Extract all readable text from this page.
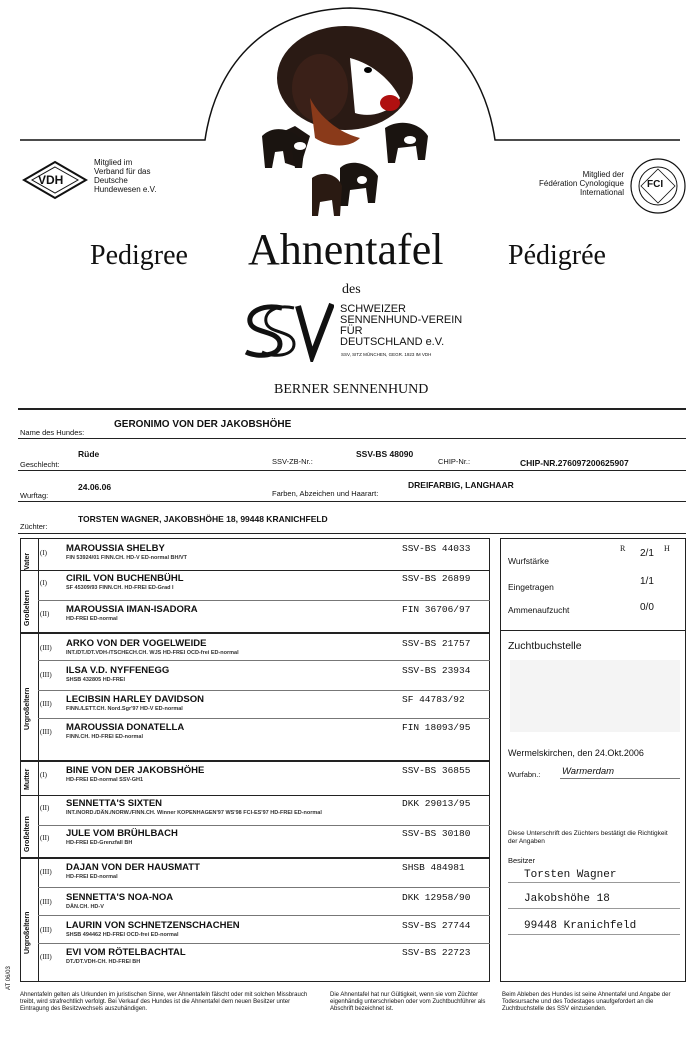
VDH
Mitglied im
Verband für das
Deutsche
Hundewesen e.V.
Mitglied der
Fédération Cynologique
International
FCI
Pedigree Ahnentafel Pédigrée
des
SCHWEIZER
SENNENHUND-VEREIN
FÜR
DEUTSCHLAND e.V.
SSV, SITZ MÜNCHEN, GEGR. 1923 IM VDH
BERNER SENNENHUND
Name des Hundes:
GERONIMO VON DER JAKOBSHÖHE
Geschlecht:
Rüde
SSV-ZB-Nr.:
SSV-BS 48090
CHIP-Nr.:	CHIP-NR.276097200625907
Wurftag:
24.06.06
Farben, Abzeichen und Haarart:
DREIFARBIG, LANGHAAR
Züchter:
TORSTEN WAGNER, JAKOBSHÖHE 18, 99448 KRANICHFELD
Vater
Großeltern
Urgroßeltern
Mutter
Großeltern
Urgroßeltern
(I) MAROUSSIA SHELBY
FIN 53924/01 FINN.CH. HD-V ED-normal BH/VT
SSV-BS 44033
(I) CIRIL VON BUCHENBÜHL
SF 45309/93 FINN.CH. HD-FREI ED-Grad I
SSV-BS 26899
(II) MAROUSSIA IMAN-ISADORA
HD-FREI ED-normal
FIN 36706/97
(III) ARKO VON DER VOGELWEIDE
INT./DT./DT.VDH-/TSCHECH.CH. WJS HD-FREI OCD-frei ED-normal
SSV-BS 21757
(III) ILSA V.D. NYFFENEGG
SHSB 432805 HD-FREI
SSV-BS 23934
(III) LECIBSIN HARLEY DAVIDSON
FINN./LETT.CH. Nord.Sgr'97 HD-V ED-normal
SF 44783/92
(III) MAROUSSIA DONATELLA
FINN.CH. HD-FREI ED-normal
FIN 18093/95
(I) BINE VON DER JAKOBSHÖHE
HD-FREI ED-normal SSV-GH1
SSV-BS 36855
(II) SENNETTA'S SIXTEN
INT./NORD./DÄN./NORW./FINN.CH. Winner KOPENHAGEN'97 WS'98 FCI-ES'97 HD-FREI ED-normal
DKK 29013/95
(II) JULE VOM BRÜHLBACH
HD-FREI ED-Grenzfall BH
SSV-BS 30180
(III) DAJAN VON DER HAUSMATT
HD-FREI ED-normal
SHSB 484981
(III) SENNETTA'S NOA-NOA
DÄN.CH. HD-V
DKK 12958/90
(III) LAURIN VON SCHNETZENSCHACHEN
SHSB 494462 HD-FREI OCD-frei ED-normal
SSV-BS 27744
(III) EVI VOM RÖTELBACHTAL
DT./DT.VDH-CH. HD-FREI BH
SSV-BS 22723
R	H
Wurfstärke
2/1
Eingetragen	1/1
Ammenaufzucht	0/0
Zuchtbuchstelle
Wermelskirchen, den 24.Okt.2006
Wurfabn.: Warmerdam
Diese Unterschrift des Züchters bestätigt die Richtigkeit der Angaben
Besitzer
Torsten Wagner
Jakobshöhe 18
99448 Kranichfeld
AT 06/03
Ahnentafeln gelten als Urkunden im juristischen Sinne, wer Ahnentafeln fälscht oder mit solchen Missbrauch treibt, wird strafrechtlich verfolgt. Bei Verkauf des Hundes ist die Ahnentafel dem neuen Besitzer unter Eintragung des Besitzwechsels auszuhändigen.
Die Ahnentafel hat nur Gültigkeit, wenn sie vom Züchter eigenhändig unterschrieben oder vom Zuchtbuchführer als Abschrift bezeichnet ist.
Beim Ableben des Hundes ist seine Ahnentafel und Angabe der Todesursache und des Todestages unaufgefordert an die Zuchtbuchstelle des SSV einzusenden.
